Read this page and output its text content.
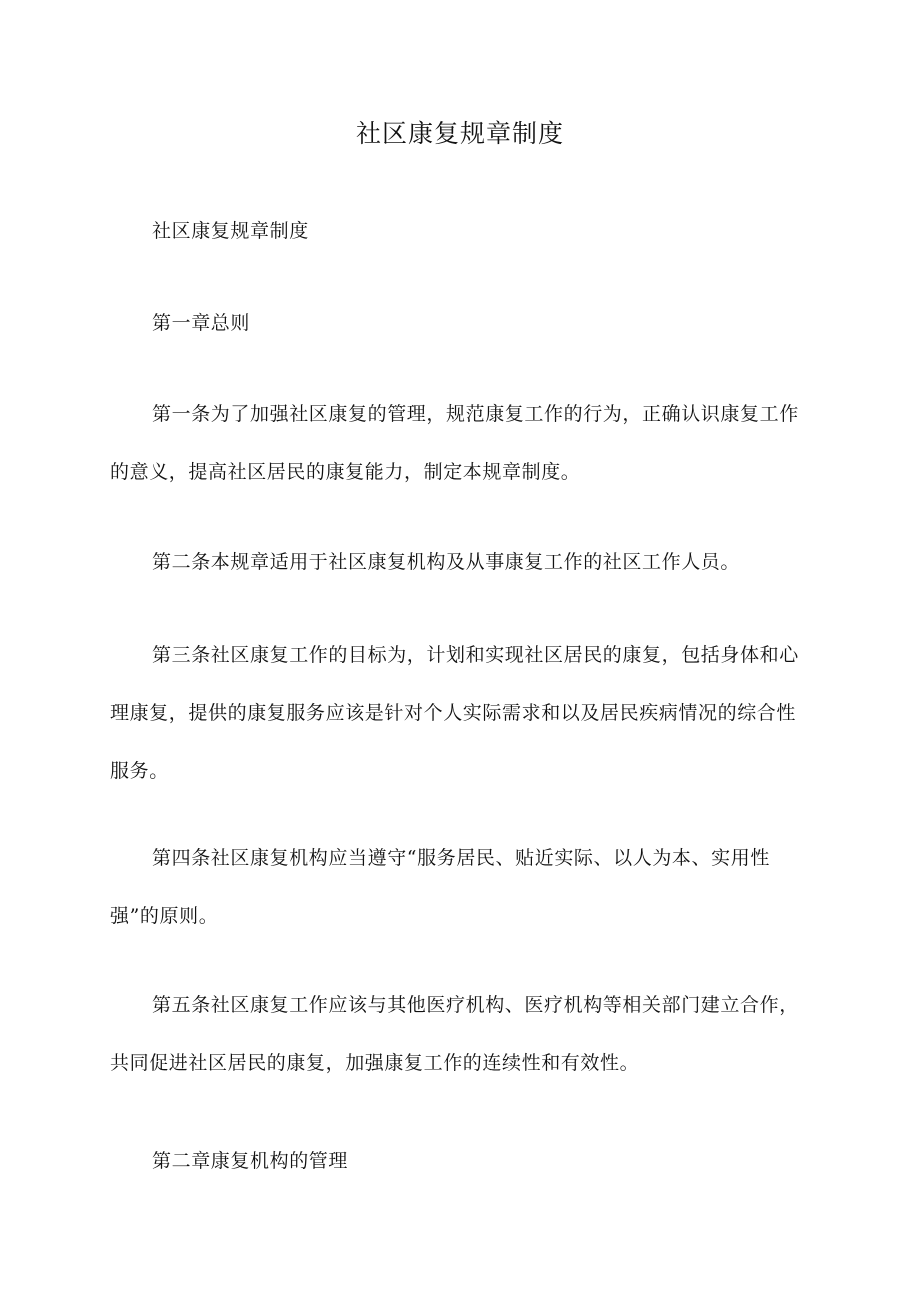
社区康复规章制度

社区康复规章制度

第一章总则

第一条为了加强社区康复的管理，规范康复工作的行为，正确认识康复工作
的意义，提高社区居民的康复能力，制定本规章制度。

第二条本规章适用于社区康复机构及从事康复工作的社区工作人员。

第三条社区康复工作的目标为，计划和实现社区居民的康复，包括身体和心
理康复，提供的康复服务应该是针对个人实际需求和以及居民疾病情况的综合性
服务。

第四条社区康复机构应当遵守“服务居民、贴近实际、以人为本、实用性
强”的原则。

第五条社区康复工作应该与其他医疗机构、医疗机构等相关部门建立合作，
共同促进社区居民的康复，加强康复工作的连续性和有效性。

第二章康复机构的管理
